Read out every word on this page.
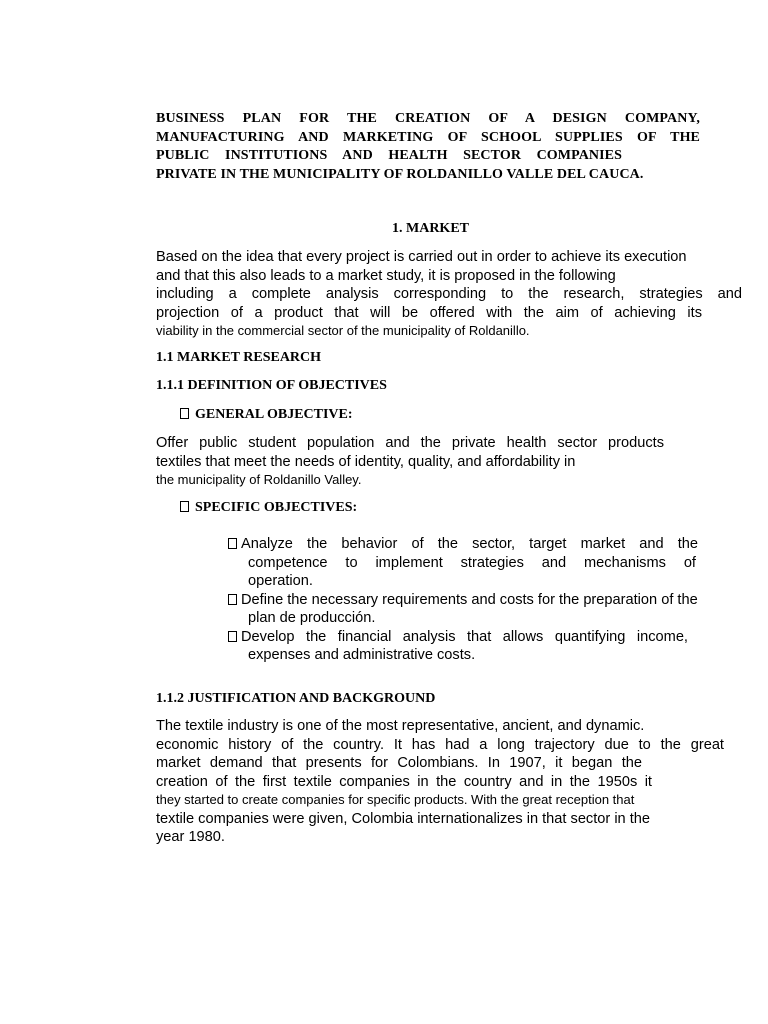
BUSINESS PLAN FOR THE CREATION OF A DESIGN COMPANY,
MANUFACTURING AND MARKETING OF SCHOOL SUPPLIES OF THE
PUBLIC INSTITUTIONS AND HEALTH SECTOR COMPANIES
PRIVATE IN THE MUNICIPALITY OF ROLDANILLO VALLE DEL CAUCA.
1. MARKET
Based on the idea that every project is carried out in order to achieve its execution
and that this also leads to a market study, it is proposed in the following
including a complete analysis corresponding to the research, strategies and
projection of a product that will be offered with the aim of achieving its
viability in the commercial sector of the municipality of Roldanillo.
1.1 MARKET RESEARCH
1.1.1 DEFINITION OF OBJECTIVES
GENERAL OBJECTIVE:
Offer public student population and the private health sector products
textiles that meet the needs of identity, quality, and affordability in
the municipality of Roldanillo Valley.
SPECIFIC OBJECTIVES:
Analyze the behavior of the sector, target market and the
competence to implement strategies and mechanisms of
operation.
Define the necessary requirements and costs for the preparation of the
plan de producción.
Develop the financial analysis that allows quantifying income,
expenses and administrative costs.
1.1.2 JUSTIFICATION AND BACKGROUND
The textile industry is one of the most representative, ancient, and dynamic.
economic history of the country. It has had a long trajectory due to the great
market demand that presents for Colombians. In 1907, it began the
creation of the first textile companies in the country and in the 1950s it
they started to create companies for specific products. With the great reception that
textile companies were given, Colombia internationalizes in that sector in the
year 1980.
